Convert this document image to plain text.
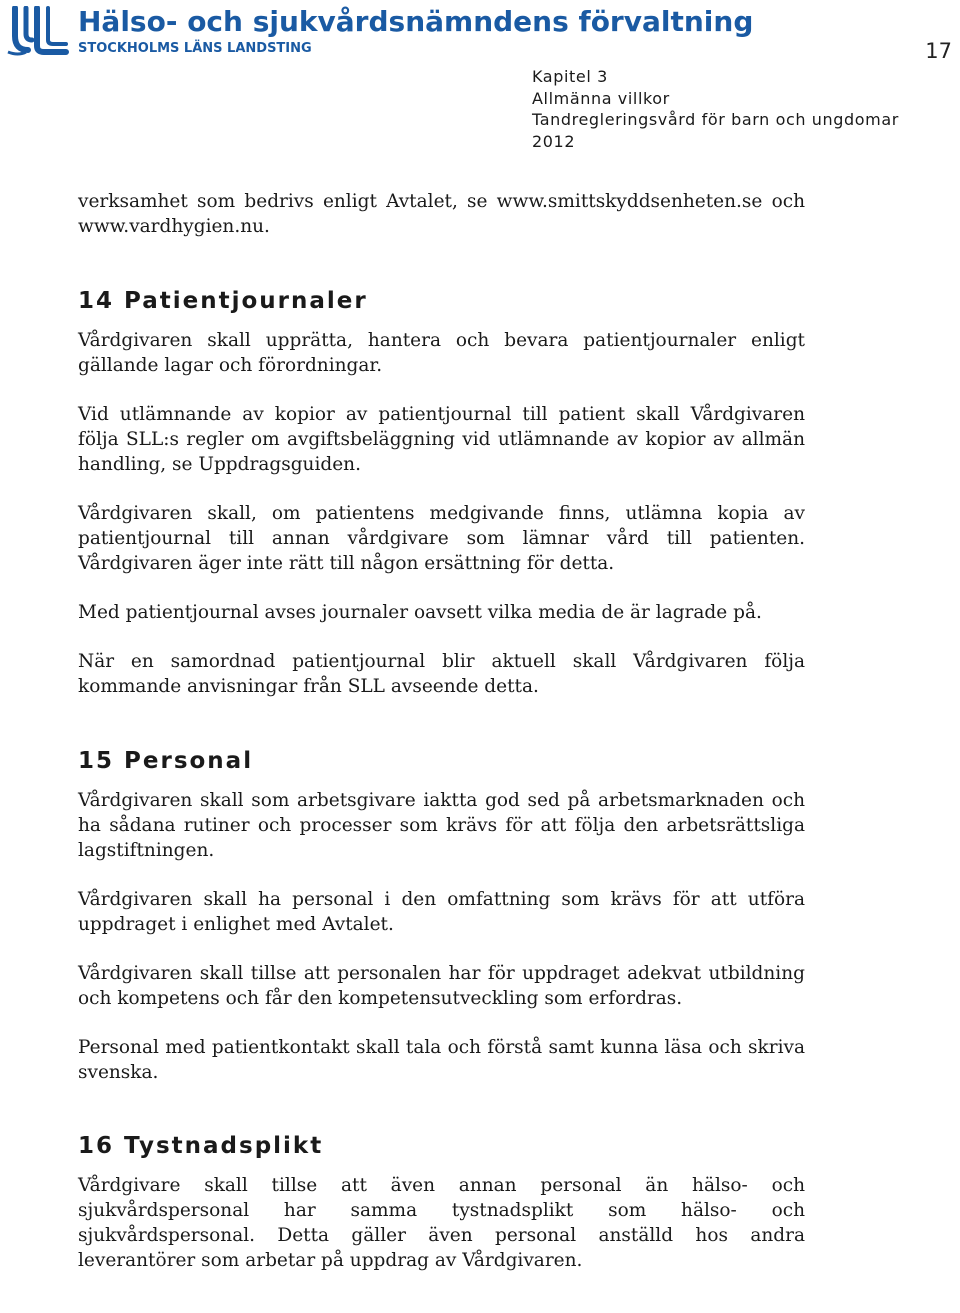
Hälso- och sjukvårdsnämndens förvaltning
STOCKHOLMS LÄNS LANDSTING	17
Kapitel 3
Allmänna villkor
Tandregleringsvård för barn och ungdomar
2012

verksamhet som bedrivs enligt Avtalet, se www.smittskyddsenheten.se och www.vardhygien.nu.

14 Patientjournaler

Vårdgivaren skall upprätta, hantera och bevara patientjournaler enligt gällande lagar och förordningar.

Vid utlämnande av kopior av patientjournal till patient skall Vårdgivaren följa SLL:s regler om avgiftsbeläggning vid utlämnande av kopior av allmän handling, se Uppdragsguiden.

Vårdgivaren skall, om patientens medgivande finns, utlämna kopia av patientjournal till annan vårdgivare som lämnar vård till patienten. Vårdgivaren äger inte rätt till någon ersättning för detta.

Med patientjournal avses journaler oavsett vilka media de är lagrade på.

När en samordnad patientjournal blir aktuell skall Vårdgivaren följa kommande anvisningar från SLL avseende detta.

15 Personal

Vårdgivaren skall som arbetsgivare iaktta god sed på arbetsmarknaden och ha sådana rutiner och processer som krävs för att följa den arbetsrättsliga lagstiftningen.

Vårdgivaren skall ha personal i den omfattning som krävs för att utföra uppdraget i enlighet med Avtalet.

Vårdgivaren skall tillse att personalen har för uppdraget adekvat utbildning och kompetens och får den kompetensutveckling som erfordras.

Personal med patientkontakt skall tala och förstå samt kunna läsa och skriva svenska.

16 Tystnadsplikt

Vårdgivare skall tillse att även annan personal än hälso- och sjukvårdspersonal har samma tystnadsplikt som hälso- och sjukvårdspersonal. Detta gäller även personal anställd hos andra leverantörer som arbetar på uppdrag av Vårdgivaren.
